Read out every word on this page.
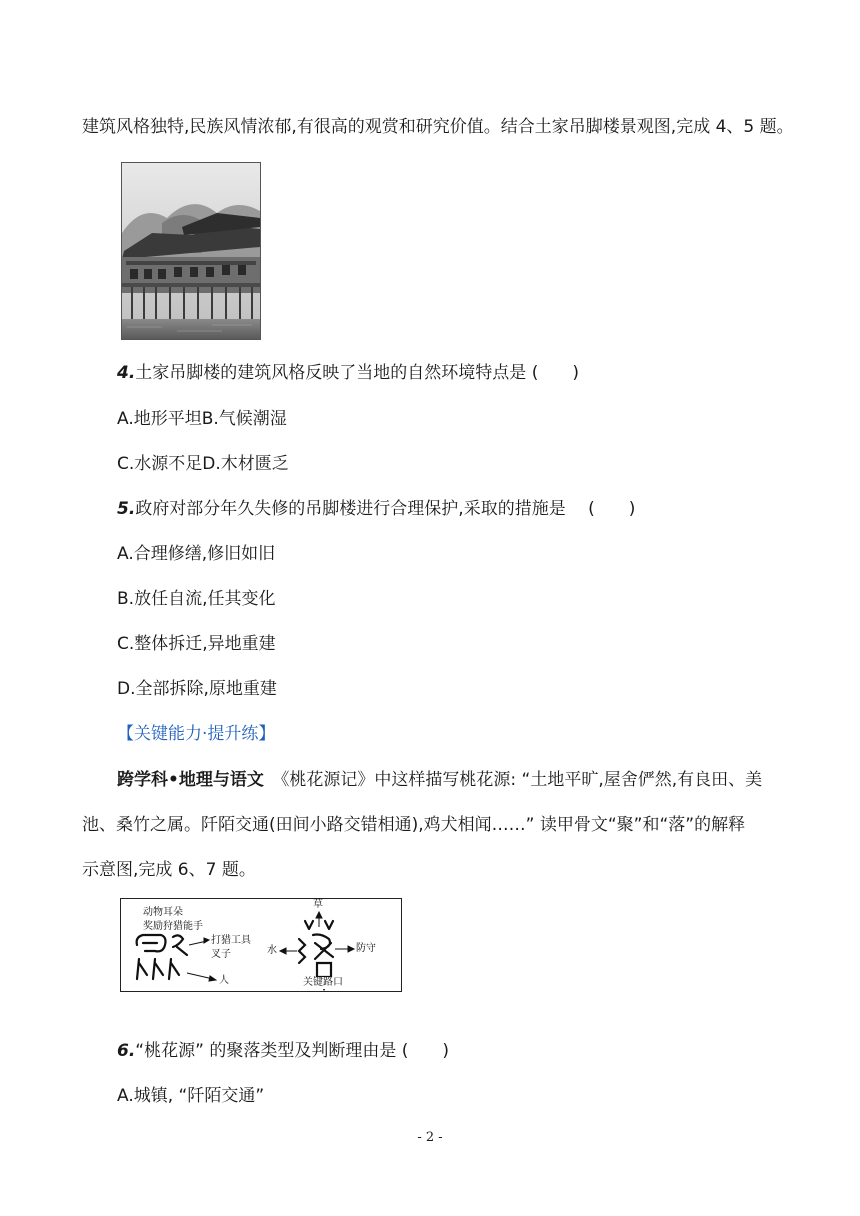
建筑风格独特,民族风情浓郁,有很高的观赏和研究价值。结合土家吊脚楼景观图,完成 4、5 题。
4.土家吊脚楼的建筑风格反映了当地的自然环境特点是 (　　)
A.地形平坦B.气候潮湿
C.水源不足D.木材匮乏
5.政府对部分年久失修的吊脚楼进行合理保护,采取的措施是　 (　　)
A.合理修缮,修旧如旧
B.放任自流,任其变化
C.整体拆迁,异地重建
D.全部拆除,原地重建
【关键能力·提升练】
跨学科•地理与语文　《桃花源记》中这样描写桃花源: “土地平旷,屋舍俨然,有良田、美
池、桑竹之属。阡陌交通(田间小路交错相通),鸡犬相闻……” 读甲骨文“聚”和“落”的解释
示意图,完成 6、7 题。
动物耳朵
奖励狩猎能手
打猎工具
叉子
人
草
水	防守
关键路口
6.“桃花源” 的聚落类型及判断理由是 (　　)
A.城镇, “阡陌交通”
- 2 -
